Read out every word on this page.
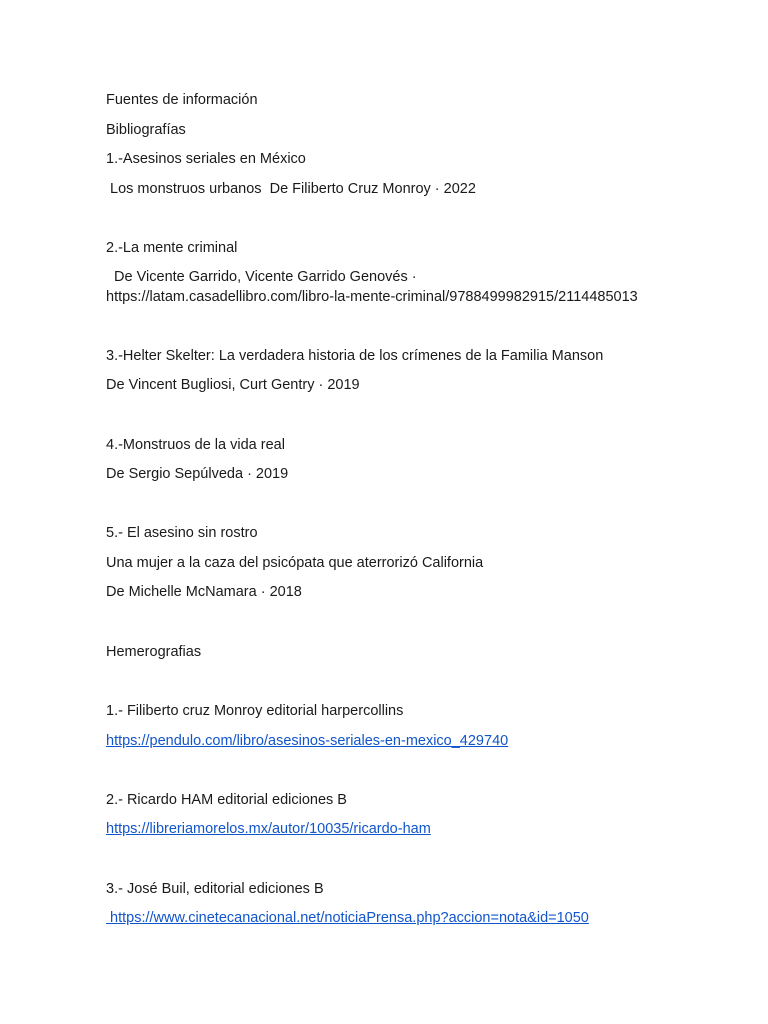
Fuentes de información
Bibliografías
1.-Asesinos seriales en México
Los monstruos urbanos  De Filiberto Cruz Monroy · 2022
2.-La mente criminal
De Vicente Garrido, Vicente Garrido Genovés ·
https://latam.casadellibro.com/libro-la-mente-criminal/9788499982915/2114485013
3.-Helter Skelter: La verdadera historia de los crímenes de la Familia Manson
De Vincent Bugliosi, Curt Gentry · 2019
4.-Monstruos de la vida real
De Sergio Sepúlveda · 2019
5.- El asesino sin rostro
Una mujer a la caza del psicópata que aterrorizó California
De Michelle McNamara · 2018
Hemerografias
1.- Filiberto cruz Monroy editorial harpercollins
https://pendulo.com/libro/asesinos-seriales-en-mexico_429740
2.- Ricardo HAM editorial ediciones B
https://libreriamorelos.mx/autor/10035/ricardo-ham
3.- José Buil, editorial ediciones B
https://www.cinetecanacional.net/noticiaPrensa.php?accion=nota&id=1050
